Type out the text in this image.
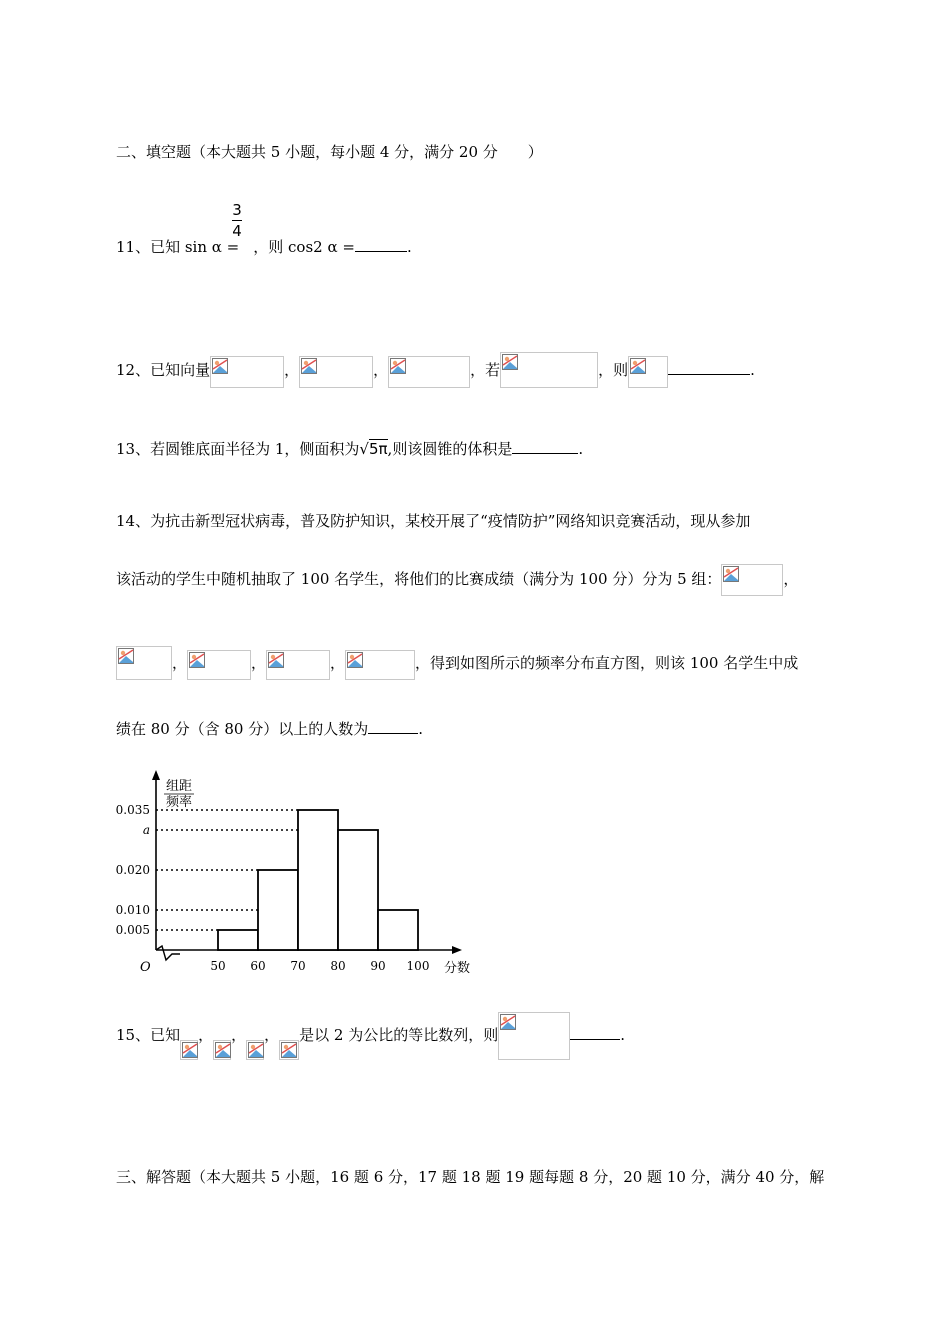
二、填空题（本大题共 5 小题，每小题 4 分，满分 20 分　　）
3
4
11、已知 sin α = ，则 cos2 α =	.
12、已知向量	，	，	，若	，则	.
13、若圆锥底面半径为 1，侧面积为√5π,则该圆锥的体积是	.
14、为抗击新型冠状病毒，普及防护知识，某校开展了“疫情防护”网络知识竞赛活动，现从参加
该活动的学生中随机抽取了 100 名学生，将他们的比赛成绩（满分为 100 分）分为 5 组：	，
，	，	，	，得到如图所示的频率分布直方图，则该 100 名学生中成
绩在 80 分（含 80 分）以上的人数为	.
组距
频率
0.005
0.020
0.035
a
0.010
50 60 70 80 90 100 分数
O
15、已知 ， ， ， 是以 2 为公比的等比数列，则	.
三、解答题（本大题共 5 小题，16 题 6 分，17 题 18 题 19 题每题 8 分，20 题 10 分，满分 40 分，解
